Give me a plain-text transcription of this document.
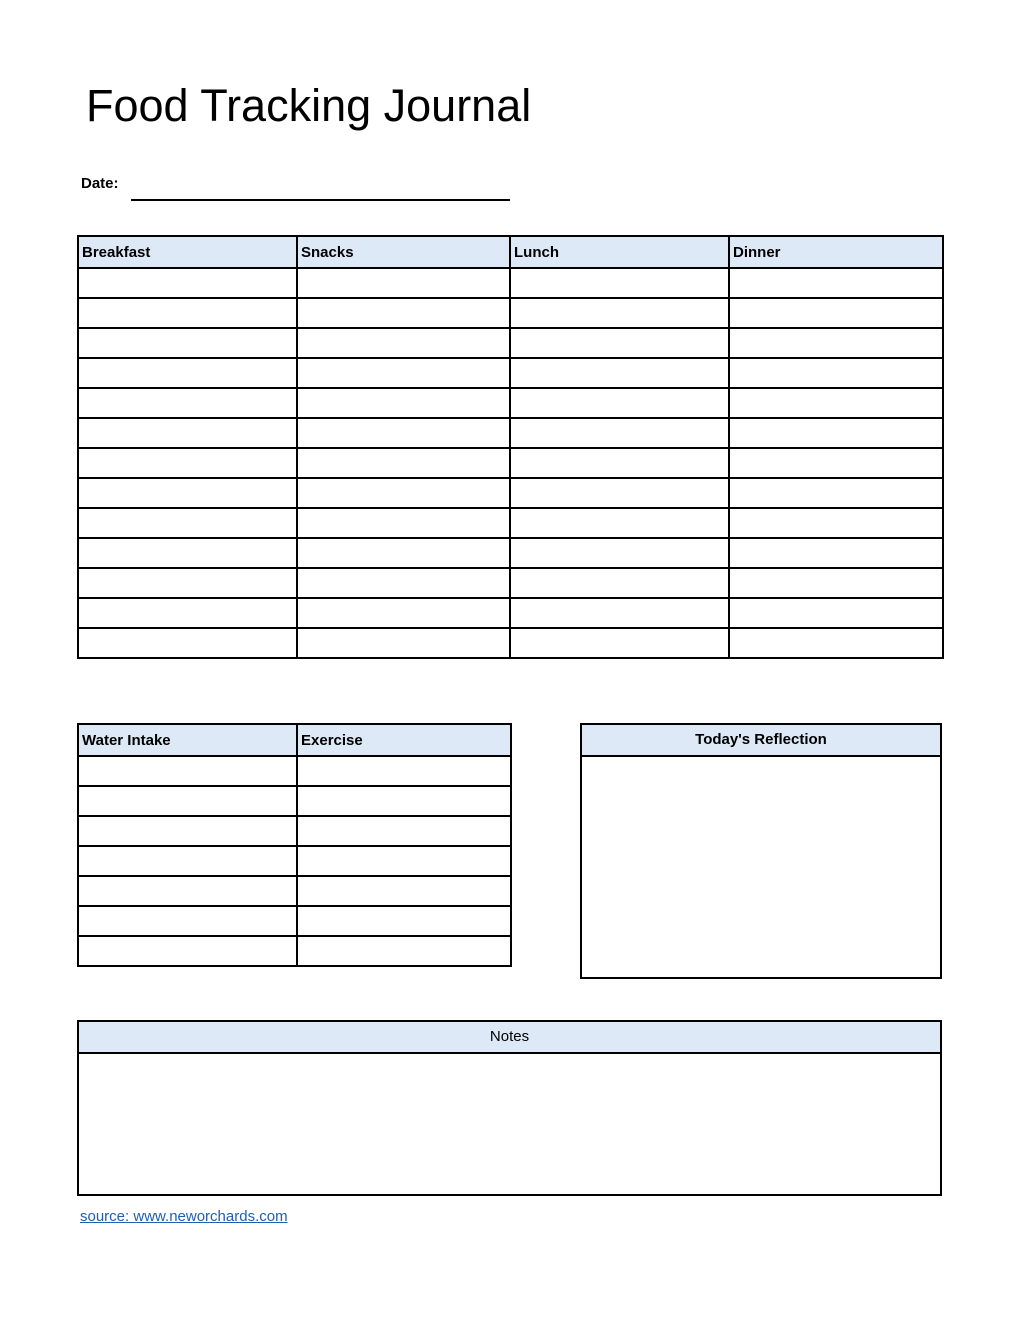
Food Tracking Journal
Date:
Breakfast	Snacks	Lunch	Dinner

Water Intake	Exercise

		Today's Reflection
Notes
source: www.neworchards.com
